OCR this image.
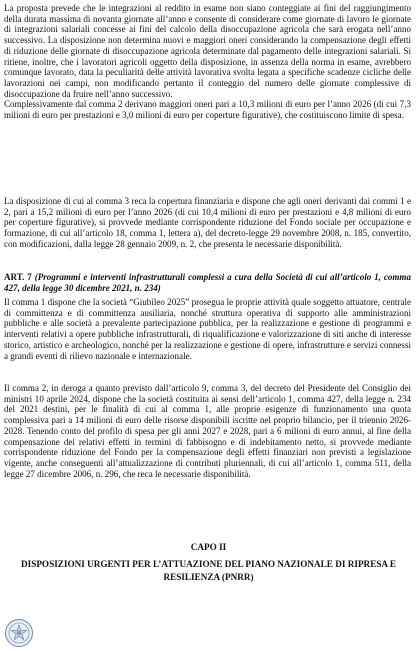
La proposta prevede che le integrazioni al reddito in esame non siano conteggiate ai fini del raggiungimento della durata massima di novanta giornate all’anno e consente di considerare come giornate di lavoro le giornate di integrazioni salariali concesse ai fini del calcolo della disoccupazione agricola che sarà erogata nell’anno successivo. La disposizione non determina nuovi e maggiori oneri considerando la compensazione degli effetti di riduzione delle giornate di disoccupazione agricola determinate dal pagamento delle integrazioni salariali. Si ritiene, inoltre, che i lavoratori agricoli oggetto della disposizione, in assenza della norma in esame, avrebbero comunque lavorato, data la peculiarità delle attività lavorativa svolta legata a specifiche scadenze cicliche delle lavorazioni nei campi, non modificando pertanto il conteggio del numero delle giornate complessive di disoccupazione da fruire nell’anno successivo.

Complessivamente dal comma 2 derivano maggiori oneri pari a 10,3 milioni di euro per l’anno 2026 (di cui 7,3 milioni di euro per prestazioni e 3,0 milioni di euro per coperture figurative), che costituiscono limite di spesa.

La disposizione di cui al comma 3 reca la copertura finanziaria e dispone che agli oneri derivanti dai commi 1 e 2, pari a 15,2 milioni di euro per l’anno 2026 (di cui 10,4 milioni di euro per prestazioni e 4,8 milioni di euro per coperture figurative), si provvede mediante corrispondente riduzione del Fondo sociale per occupazione e formazione, di cui all’articolo 18, comma 1, lettera a), del decreto-legge 29 novembre 2008, n. 185, convertito, con modificazioni, dalla legge 28 gennaio 2009, n. 2, che presenta le necessarie disponibilità.

ART. 7 (Programmi e interventi infrastrutturali complessi a cura della Società di cui all’articolo 1, comma 427, della legge 30 dicembre 2021, n. 234)

Il comma 1 dispone che la società “Giubileo 2025” prosegua le proprie attività quale soggetto attuatore, centrale di committenza e di committenza ausiliaria, nonché struttura operativa di supporto alle amministrazioni pubbliche e alle società a prevalente partecipazione pubblica, per la realizzazione e gestione di programmi e interventi relativi a opere pubbliche infrastrutturali, di riqualificazione e valorizzazione di siti anche di interesse storico, artistico e archeologico, nonché per la realizzazione e gestione di opere, infrastrutture e servizi connessi a grandi eventi di rilievo nazionale e internazionale.

Il comma 2, in deroga a quanto previsto dall’articolo 9, comma 3, del decreto del Presidente del Consiglio dei ministri 10 aprile 2024, dispone che la società costituita ai sensi dell’articolo 1, comma 427, della legge n. 234 del 2021 destini, per le finalità di cui al comma 1, alle proprie esigenze di funzionamento una quota complessiva pari a 14 milioni di euro delle risorse disponibili iscritte nel proprio bilancio, per il triennio 2026-2028. Tenendo conto del profilo di spesa per gli anni 2027 e 2028, pari a 6 milioni di euro annui, al fine della compensazione dei relativi effetti in termini di fabbisogno e di indebitamento netto, si provvede mediante corrispondente riduzione del Fondo per la compensazione degli effetti finanziari non previsti a legislazione vigente, anche conseguenti all’attualizzazione di contributi pluriennali, di cui all’articolo 1, comma 511, della legge 27 dicembre 2006, n. 296, che reca le necessarie disponibilità.

CAPO II
DISPOSIZIONI URGENTI PER L’ATTUAZIONE DEL PIANO NAZIONALE DI RIPRESA E RESILIENZA (PNRR)
